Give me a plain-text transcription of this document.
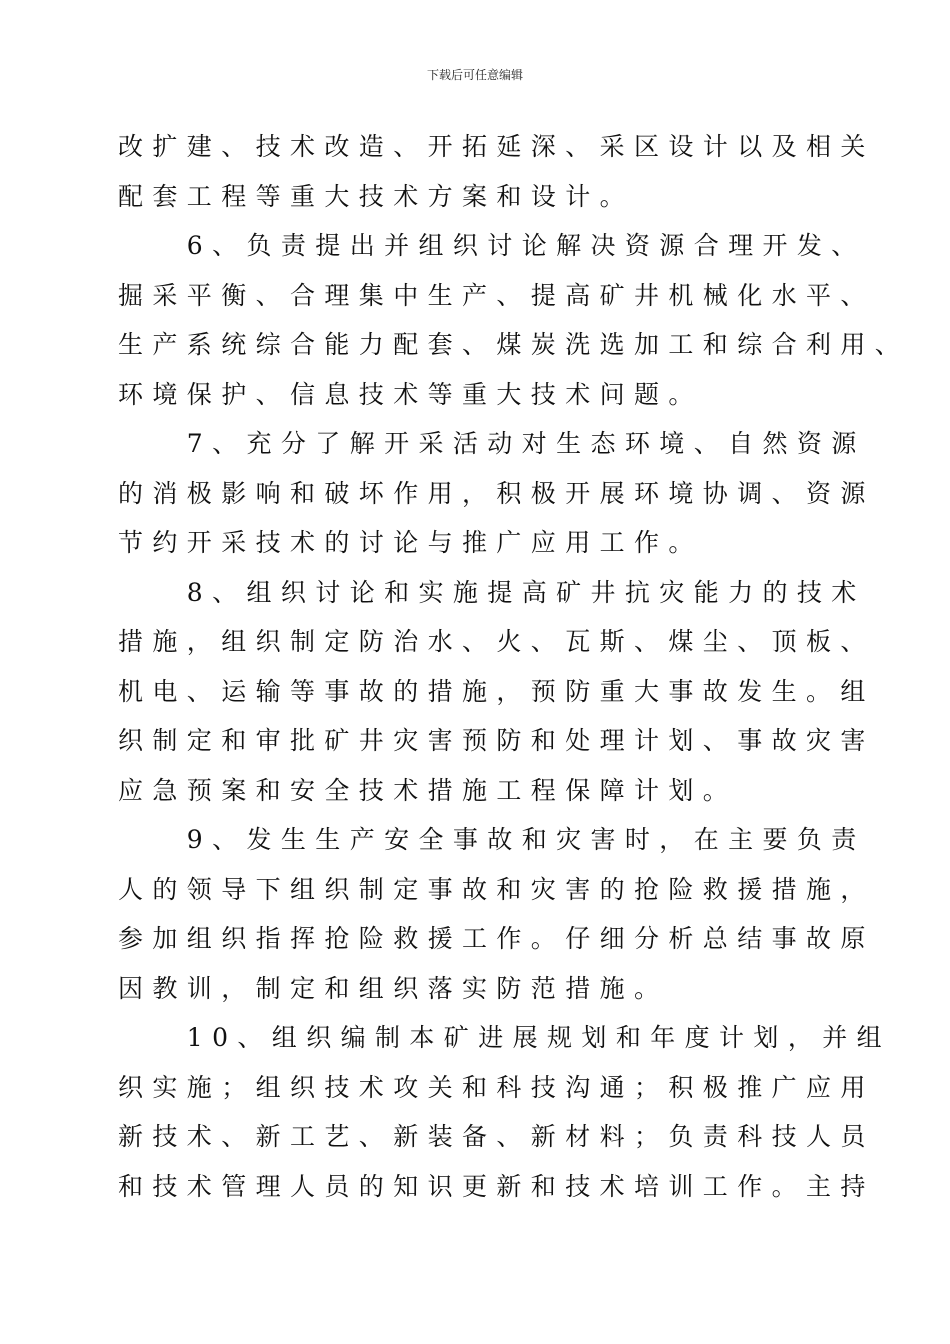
下载后可任意编辑
改扩建、技术改造、开拓延深、采区设计以及相关
配套工程等重大技术方案和设计。
　　6、负责提出并组织讨论解决资源合理开发、
掘采平衡、合理集中生产、提高矿井机械化水平、
生产系统综合能力配套、煤炭洗选加工和综合利用、
环境保护、信息技术等重大技术问题。
　　7、充分了解开采活动对生态环境、自然资源
的消极影响和破坏作用，积极开展环境协调、资源
节约开采技术的讨论与推广应用工作。
　　8、组织讨论和实施提高矿井抗灾能力的技术
措施，组织制定防治水、火、瓦斯、煤尘、顶板、
机电、运输等事故的措施，预防重大事故发生。组
织制定和审批矿井灾害预防和处理计划、事故灾害
应急预案和安全技术措施工程保障计划。
　　9、发生生产安全事故和灾害时，在主要负责
人的领导下组织制定事故和灾害的抢险救援措施，
参加组织指挥抢险救援工作。仔细分析总结事故原
因教训，制定和组织落实防范措施。
　　10、组织编制本矿进展规划和年度计划，并组
织实施；组织技术攻关和科技沟通；积极推广应用
新技术、新工艺、新装备、新材料；负责科技人员
和技术管理人员的知识更新和技术培训工作。主持
